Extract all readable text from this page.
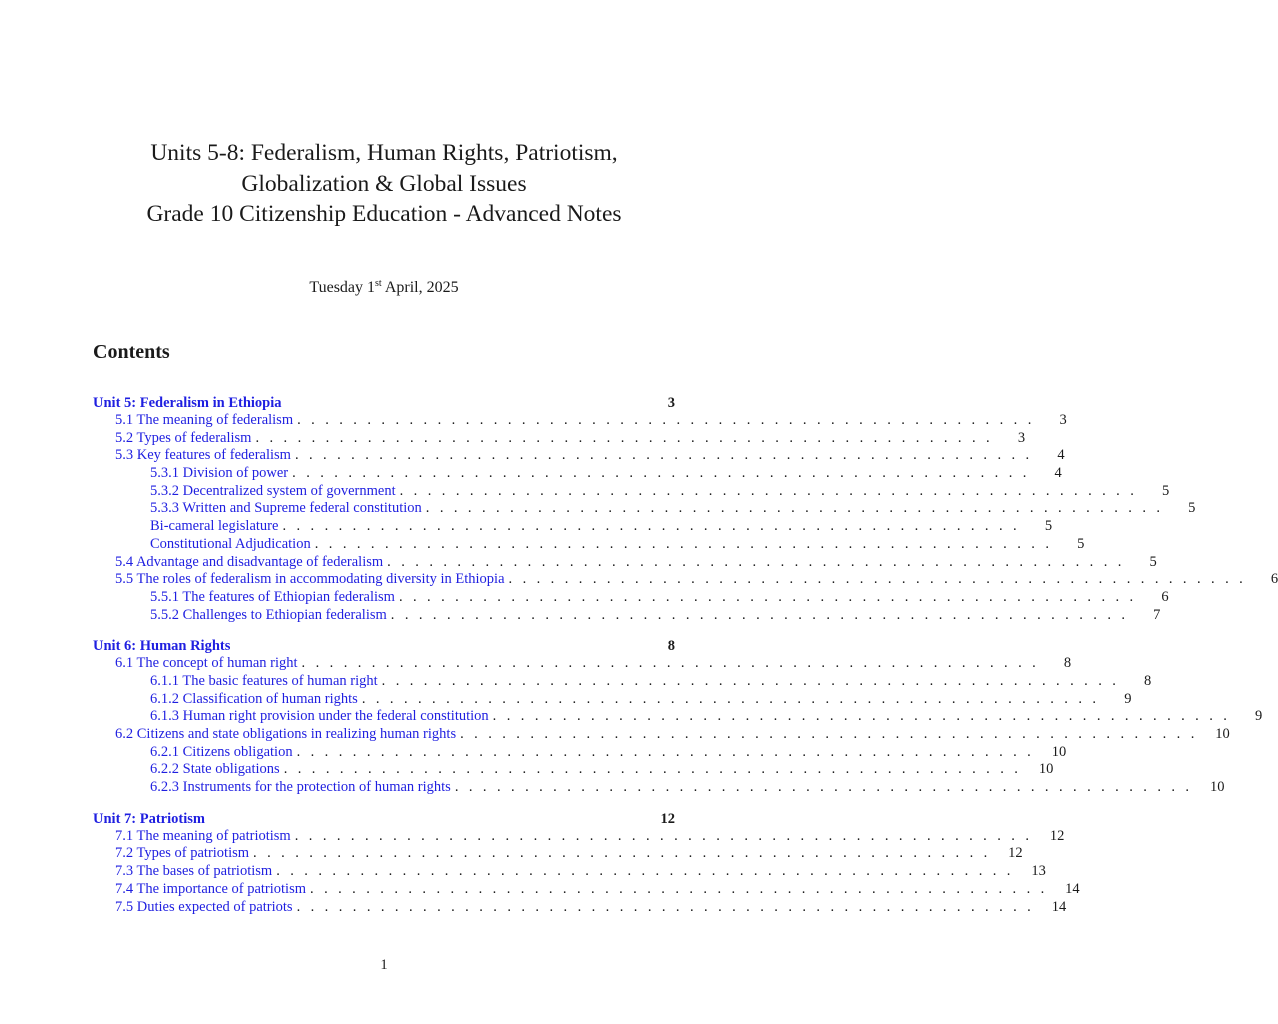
Units 5-8: Federalism, Human Rights, Patriotism,
Globalization & Global Issues
Grade 10 Citizenship Education - Advanced Notes
Tuesday 1st April, 2025
Contents
Unit 5: Federalism in Ethiopia	3
5.1 The meaning of federalism . . . . . . . . . . . . . . . . . . . . . . . . . . . . . . . . . . . . . . . . . . . . . . . . . . . . .	3
5.2 Types of federalism . . . . . . . . . . . . . . . . . . . . . . . . . . . . . . . . . . . . . . . . . . . . . . . . . . . . .	3
5.3 Key features of federalism . . . . . . . . . . . . . . . . . . . . . . . . . . . . . . . . . . . . . . . . . . . . . . . . . . . . .	4
5.3.1 Division of power . . . . . . . . . . . . . . . . . . . . . . . . . . . . . . . . . . . . . . . . . . . . . . . . . . . . .	4
5.3.2 Decentralized system of government . . . . . . . . . . . . . . . . . . . . . . . . . . . . . . . . . . . . . . . . . . . . . . . . . . . . .	5
5.3.3 Written and Supreme federal constitution . . . . . . . . . . . . . . . . . . . . . . . . . . . . . . . . . . . . . . . . . . . . . . . . . . . . .	5
Bi-cameral legislature . . . . . . . . . . . . . . . . . . . . . . . . . . . . . . . . . . . . . . . . . . . . . . . . . . . . .	5
Constitutional Adjudication . . . . . . . . . . . . . . . . . . . . . . . . . . . . . . . . . . . . . . . . . . . . . . . . . . . . .	5
5.4 Advantage and disadvantage of federalism . . . . . . . . . . . . . . . . . . . . . . . . . . . . . . . . . . . . . . . . . . . . . . . . . . . . .	5
5.5 The roles of federalism in accommodating diversity in Ethiopia . . . . . . . . . . . . . . . . . . . . . . . . . . . . . . . . . . . . . . . . . . . . . . . . . . . . .	6
5.5.1 The features of Ethiopian federalism . . . . . . . . . . . . . . . . . . . . . . . . . . . . . . . . . . . . . . . . . . . . . . . . . . . . .	6
5.5.2 Challenges to Ethiopian federalism . . . . . . . . . . . . . . . . . . . . . . . . . . . . . . . . . . . . . . . . . . . . . . . . . . . . .	7
Unit 6: Human Rights	8
6.1 The concept of human right . . . . . . . . . . . . . . . . . . . . . . . . . . . . . . . . . . . . . . . . . . . . . . . . . . . . .	8
6.1.1 The basic features of human right . . . . . . . . . . . . . . . . . . . . . . . . . . . . . . . . . . . . . . . . . . . . . . . . . . . . .	8
6.1.2 Classification of human rights . . . . . . . . . . . . . . . . . . . . . . . . . . . . . . . . . . . . . . . . . . . . . . . . . . . . .	9
6.1.3 Human right provision under the federal constitution . . . . . . . . . . . . . . . . . . . . . . . . . . . . . . . . . . . . . . . . . . . . . . . . . . . . .	9
6.2 Citizens and state obligations in realizing human rights . . . . . . . . . . . . . . . . . . . . . . . . . . . . . . . . . . . . . . . . . . . . . . . . . . . . .	10
6.2.1 Citizens obligation . . . . . . . . . . . . . . . . . . . . . . . . . . . . . . . . . . . . . . . . . . . . . . . . . . . . .	10
6.2.2 State obligations . . . . . . . . . . . . . . . . . . . . . . . . . . . . . . . . . . . . . . . . . . . . . . . . . . . . .	10
6.2.3 Instruments for the protection of human rights . . . . . . . . . . . . . . . . . . . . . . . . . . . . . . . . . . . . . . . . . . . . . . . . . . . . .	10
Unit 7: Patriotism	12
7.1 The meaning of patriotism . . . . . . . . . . . . . . . . . . . . . . . . . . . . . . . . . . . . . . . . . . . . . . . . . . . . .	12
7.2 Types of patriotism . . . . . . . . . . . . . . . . . . . . . . . . . . . . . . . . . . . . . . . . . . . . . . . . . . . . .	12
7.3 The bases of patriotism . . . . . . . . . . . . . . . . . . . . . . . . . . . . . . . . . . . . . . . . . . . . . . . . . . . . .	13
7.4 The importance of patriotism . . . . . . . . . . . . . . . . . . . . . . . . . . . . . . . . . . . . . . . . . . . . . . . . . . . . .	14
7.5 Duties expected of patriots . . . . . . . . . . . . . . . . . . . . . . . . . . . . . . . . . . . . . . . . . . . . . . . . . . . . .	14
1
